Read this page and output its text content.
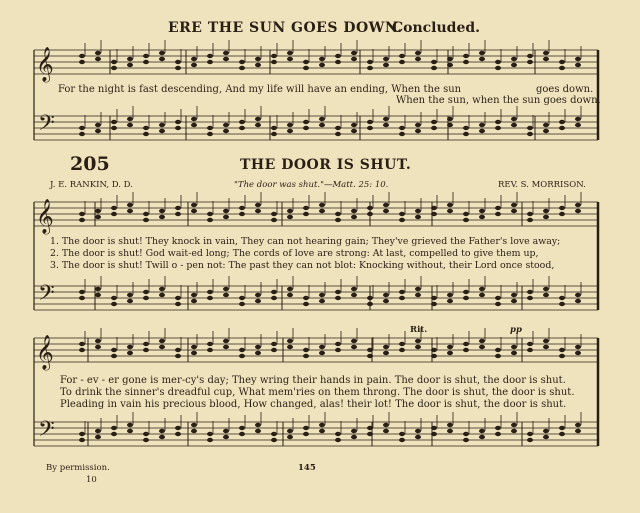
𝄞
𝄢
𝄞
𝄢
𝄞
𝄢
ERE THE SUN GOES DOWN.
Concluded.
For the night is fast descending, And my life will have an ending, When the sun	goes down.
When the sun, when the sun goes down.
205	THE DOOR IS SHUT.
J. E. RANKIN, D. D.	"The door was shut."—Matt. 25: 10.	REV. S. MORRISON.
1. The door is shut! They knock in vain, They can not hearing gain; They've grieved the Father's love away;
2. The door is shut! God wait-ed long; The cords of love are strong: At last, compelled to give them up,
3. The door is shut! Twill o - pen not: The past they can not blot: Knocking without, their Lord once stood,
Rit.	pp
For - ev - er gone is mer-cy's day; They wring their hands in pain. The door is shut, the door is shut.
To drink the sinner's dreadful cup, What mem'ries on them throng. The door is shut, the door is shut.
Pleading in vain his precious blood, How changed, alas! their lot! The door is shut, the door is shut.
By permission.	145
10
